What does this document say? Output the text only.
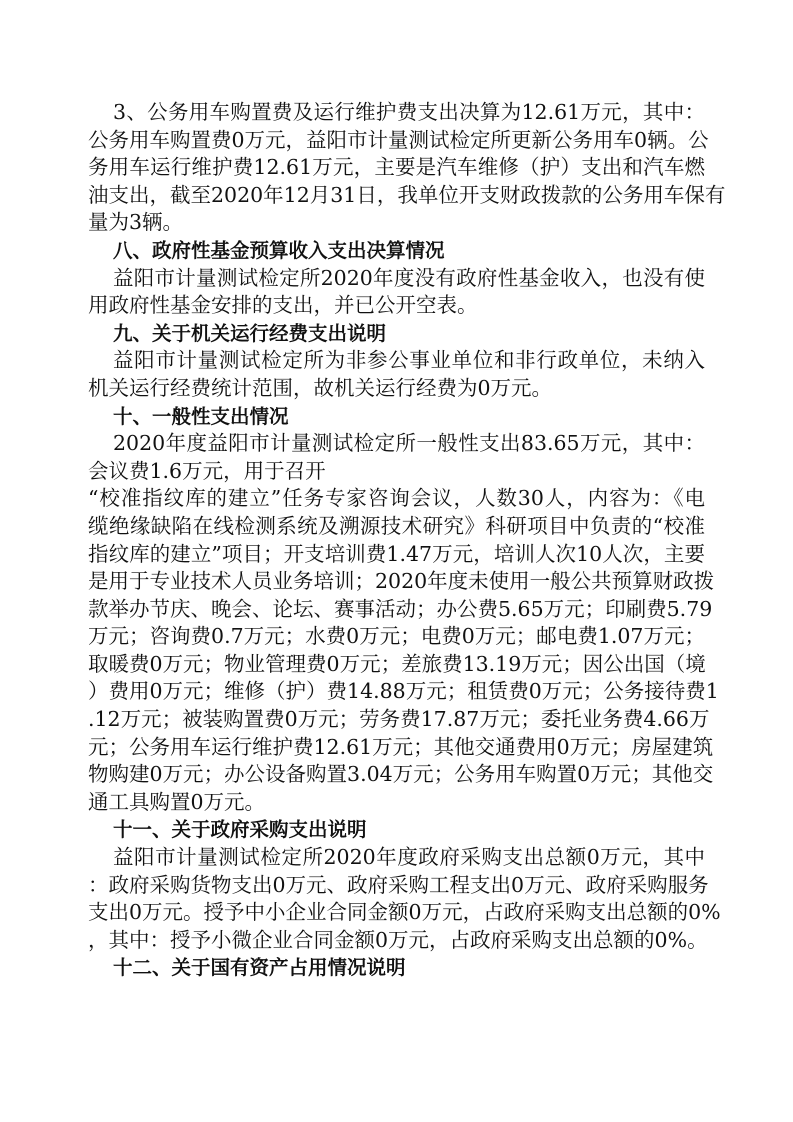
3、公务用车购置费及运行维护费支出决算为12.61万元，其中：
公务用车购置费0万元，益阳市计量测试检定所更新公务用车0辆。公
务用车运行维护费12.61万元，主要是汽车维修（护）支出和汽车燃
油支出，截至2020年12月31日，我单位开支财政拨款的公务用车保有
量为3辆。
八、政府性基金预算收入支出决算情况
益阳市计量测试检定所2020年度没有政府性基金收入，也没有使
用政府性基金安排的支出，并已公开空表。
九、关于机关运行经费支出说明
益阳市计量测试检定所为非参公事业单位和非行政单位，未纳入
机关运行经费统计范围，故机关运行经费为0万元。
十、一般性支出情况
2020年度益阳市计量测试检定所一般性支出83.65万元，其中：
会议费1.6万元，用于召开
“校准指纹库的建立”任务专家咨询会议，人数30人，内容为：《电
缆绝缘缺陷在线检测系统及溯源技术研究》科研项目中负责的“校准
指纹库的建立”项目；开支培训费1.47万元，培训人次10人次，主要
是用于专业技术人员业务培训；2020年度未使用一般公共预算财政拨
款举办节庆、晚会、论坛、赛事活动；办公费5.65万元；印刷费5.79
万元；咨询费0.7万元；水费0万元；电费0万元；邮电费1.07万元；
取暖费0万元；物业管理费0万元；差旅费13.19万元；因公出国（境
）费用0万元；维修（护）费14.88万元；租赁费0万元；公务接待费1
.12万元；被装购置费0万元；劳务费17.87万元；委托业务费4.66万
元；公务用车运行维护费12.61万元；其他交通费用0万元；房屋建筑
物购建0万元；办公设备购置3.04万元；公务用车购置0万元；其他交
通工具购置0万元。
十一、关于政府采购支出说明
益阳市计量测试检定所2020年度政府采购支出总额0万元，其中
：政府采购货物支出0万元、政府采购工程支出0万元、政府采购服务
支出0万元。授予中小企业合同金额0万元，占政府采购支出总额的0%
，其中：授予小微企业合同金额0万元，占政府采购支出总额的0%。
十二、关于国有资产占用情况说明
